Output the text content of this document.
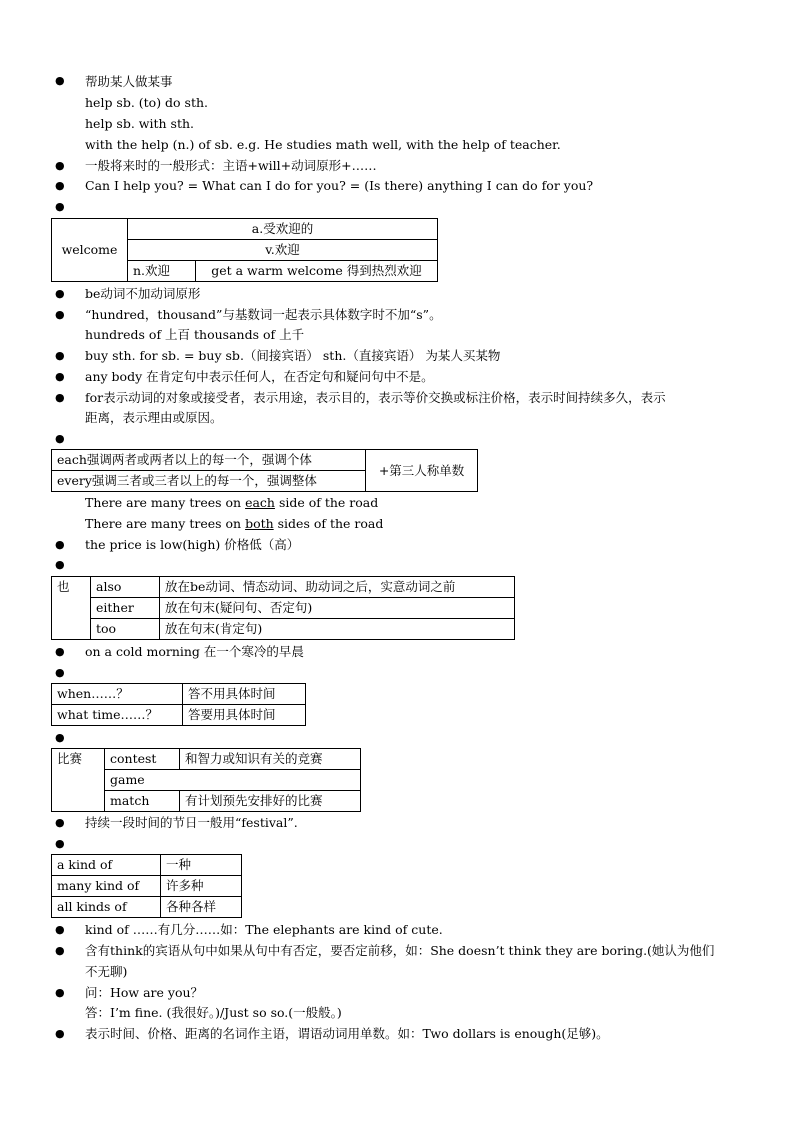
●
●
●
●
●
●
●
●
●
●
●
●
●
●
●
●
●
●
●
●
●
帮助某人做某事
help sb. (to) do sth.
help sb. with sth.
with the help (n.) of sb. e.g. He studies math well, with the help of teacher.
一般将来时的一般形式：主语+will+动词原形+……
Can I help you? = What can I do for you? = (Is there) anything I can do for you?
welcome	a.受欢迎的	
	v.欢迎	
	n.欢迎	get a warm welcome 得到热烈欢迎
be动词不加动词原形
“hundred，thousand”与基数词一起表示具体数字时不加“s”。
hundreds of 上百 thousands of 上千
buy sth. for sb. = buy sb.（间接宾语） sth.（直接宾语） 为某人买某物
any body 在肯定句中表示任何人，在否定句和疑问句中不是。
for表示动词的对象或接受者，表示用途，表示目的，表示等价交换或标注价格，表示时间持续多久，表示
距离，表示理由或原因。
each强调两者或两者以上的每一个，强调个体	+第三人称单数
every强调三者或三者以上的每一个，强调整体
There are many trees on each side of the road
There are many trees on both sides of the road
the price is low(high) 价格低（高）
也	also	放在be动词、情态动词、助动词之后，实意动词之前
	either	放在句末(疑问句、否定句)
	too	放在句末(肯定句)
on a cold morning 在一个寒冷的早晨
when……？	答不用具体时间
what time……？	答要用具体时间
比赛	contest	和智力或知识有关的竞赛
	game	
	match	有计划预先安排好的比赛
持续一段时间的节日一般用“festival”.
a kind of	一种
many kind of	许多种
all kinds of	各种各样
kind of ……有几分……如：The elephants are kind of cute.
含有think的宾语从句中如果从句中有否定，要否定前移，如：She doesn’t think they are boring.(她认为他们
不无聊)
问：How are you？
答：I’m fine. (我很好。)/Just so so.(一般般。)
表示时间、价格、距离的名词作主语，谓语动词用单数。如：Two dollars is enough(足够)。
